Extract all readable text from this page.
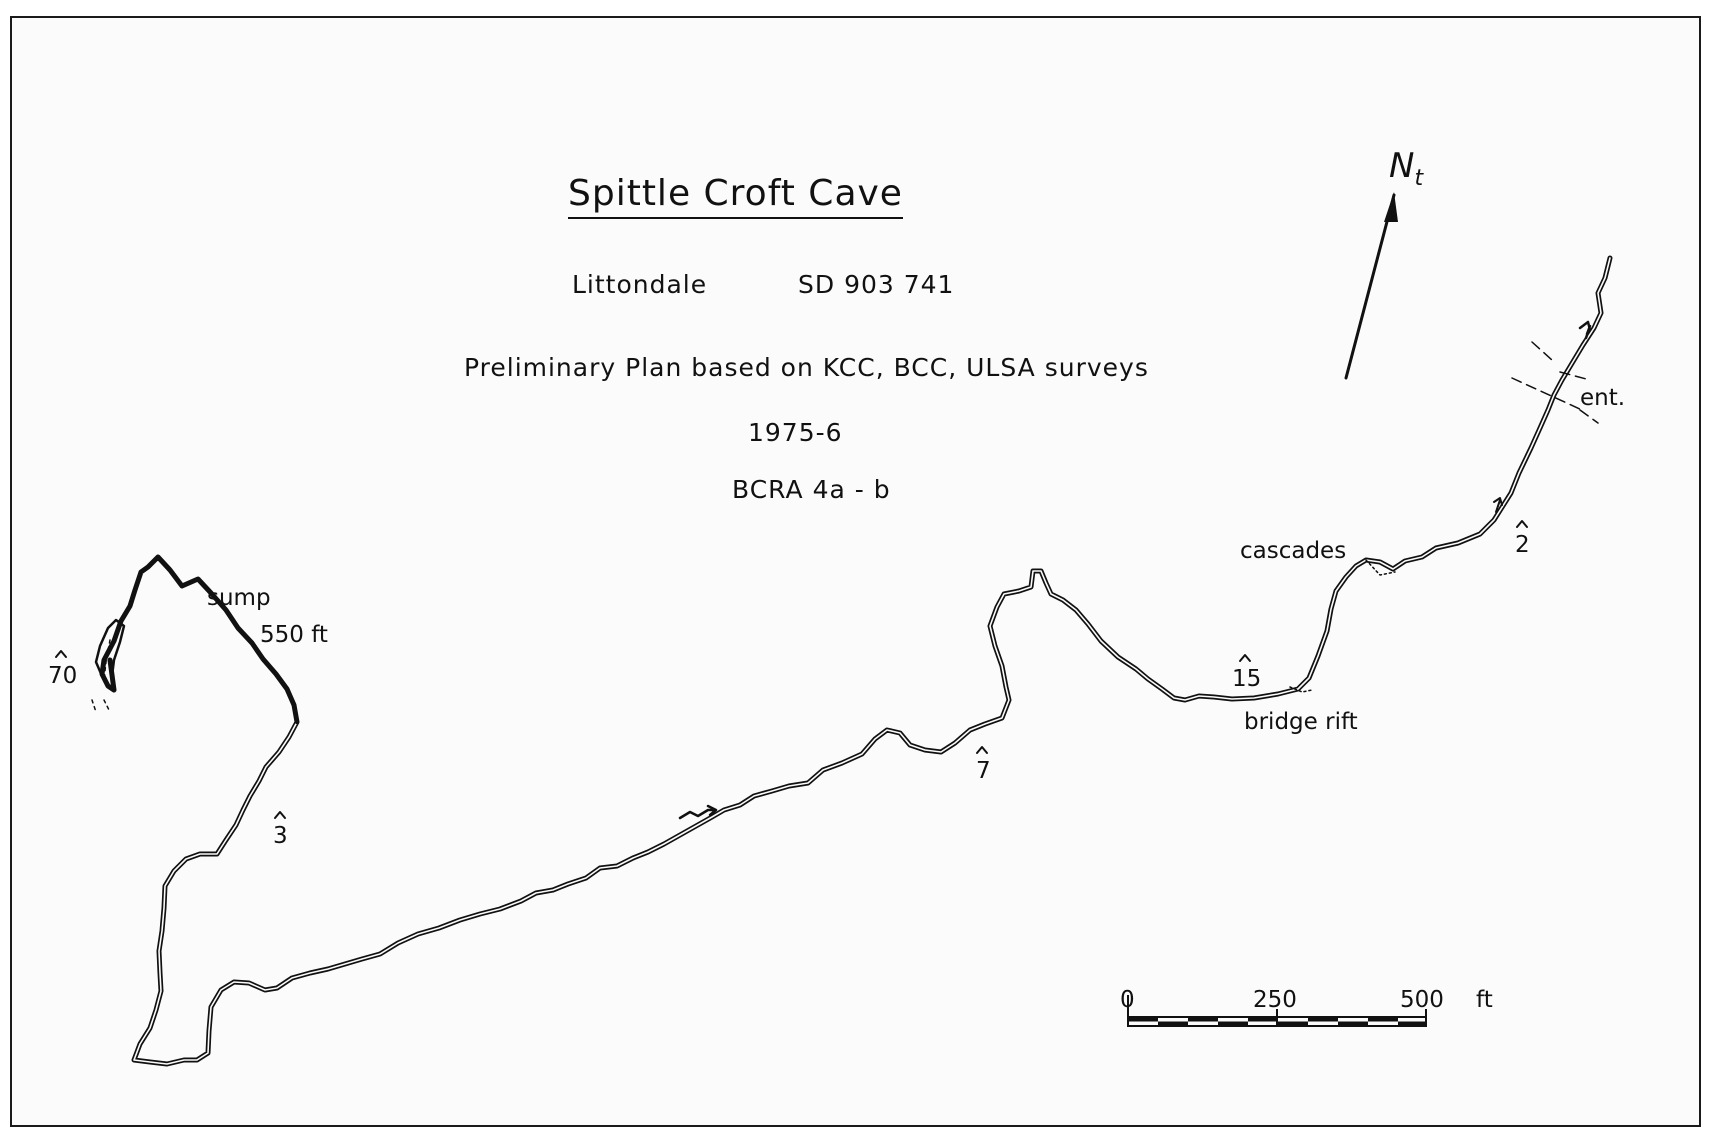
Spittle Croft Cave
Littondale	SD 903 741
Preliminary Plan based on KCC, BCC, ULSA surveys
1975-6
BCRA 4a - b
$N_t$
sump
550 ft
ent.
cascades
bridge rift
70
3
7
15
2
0	250	500 ft
